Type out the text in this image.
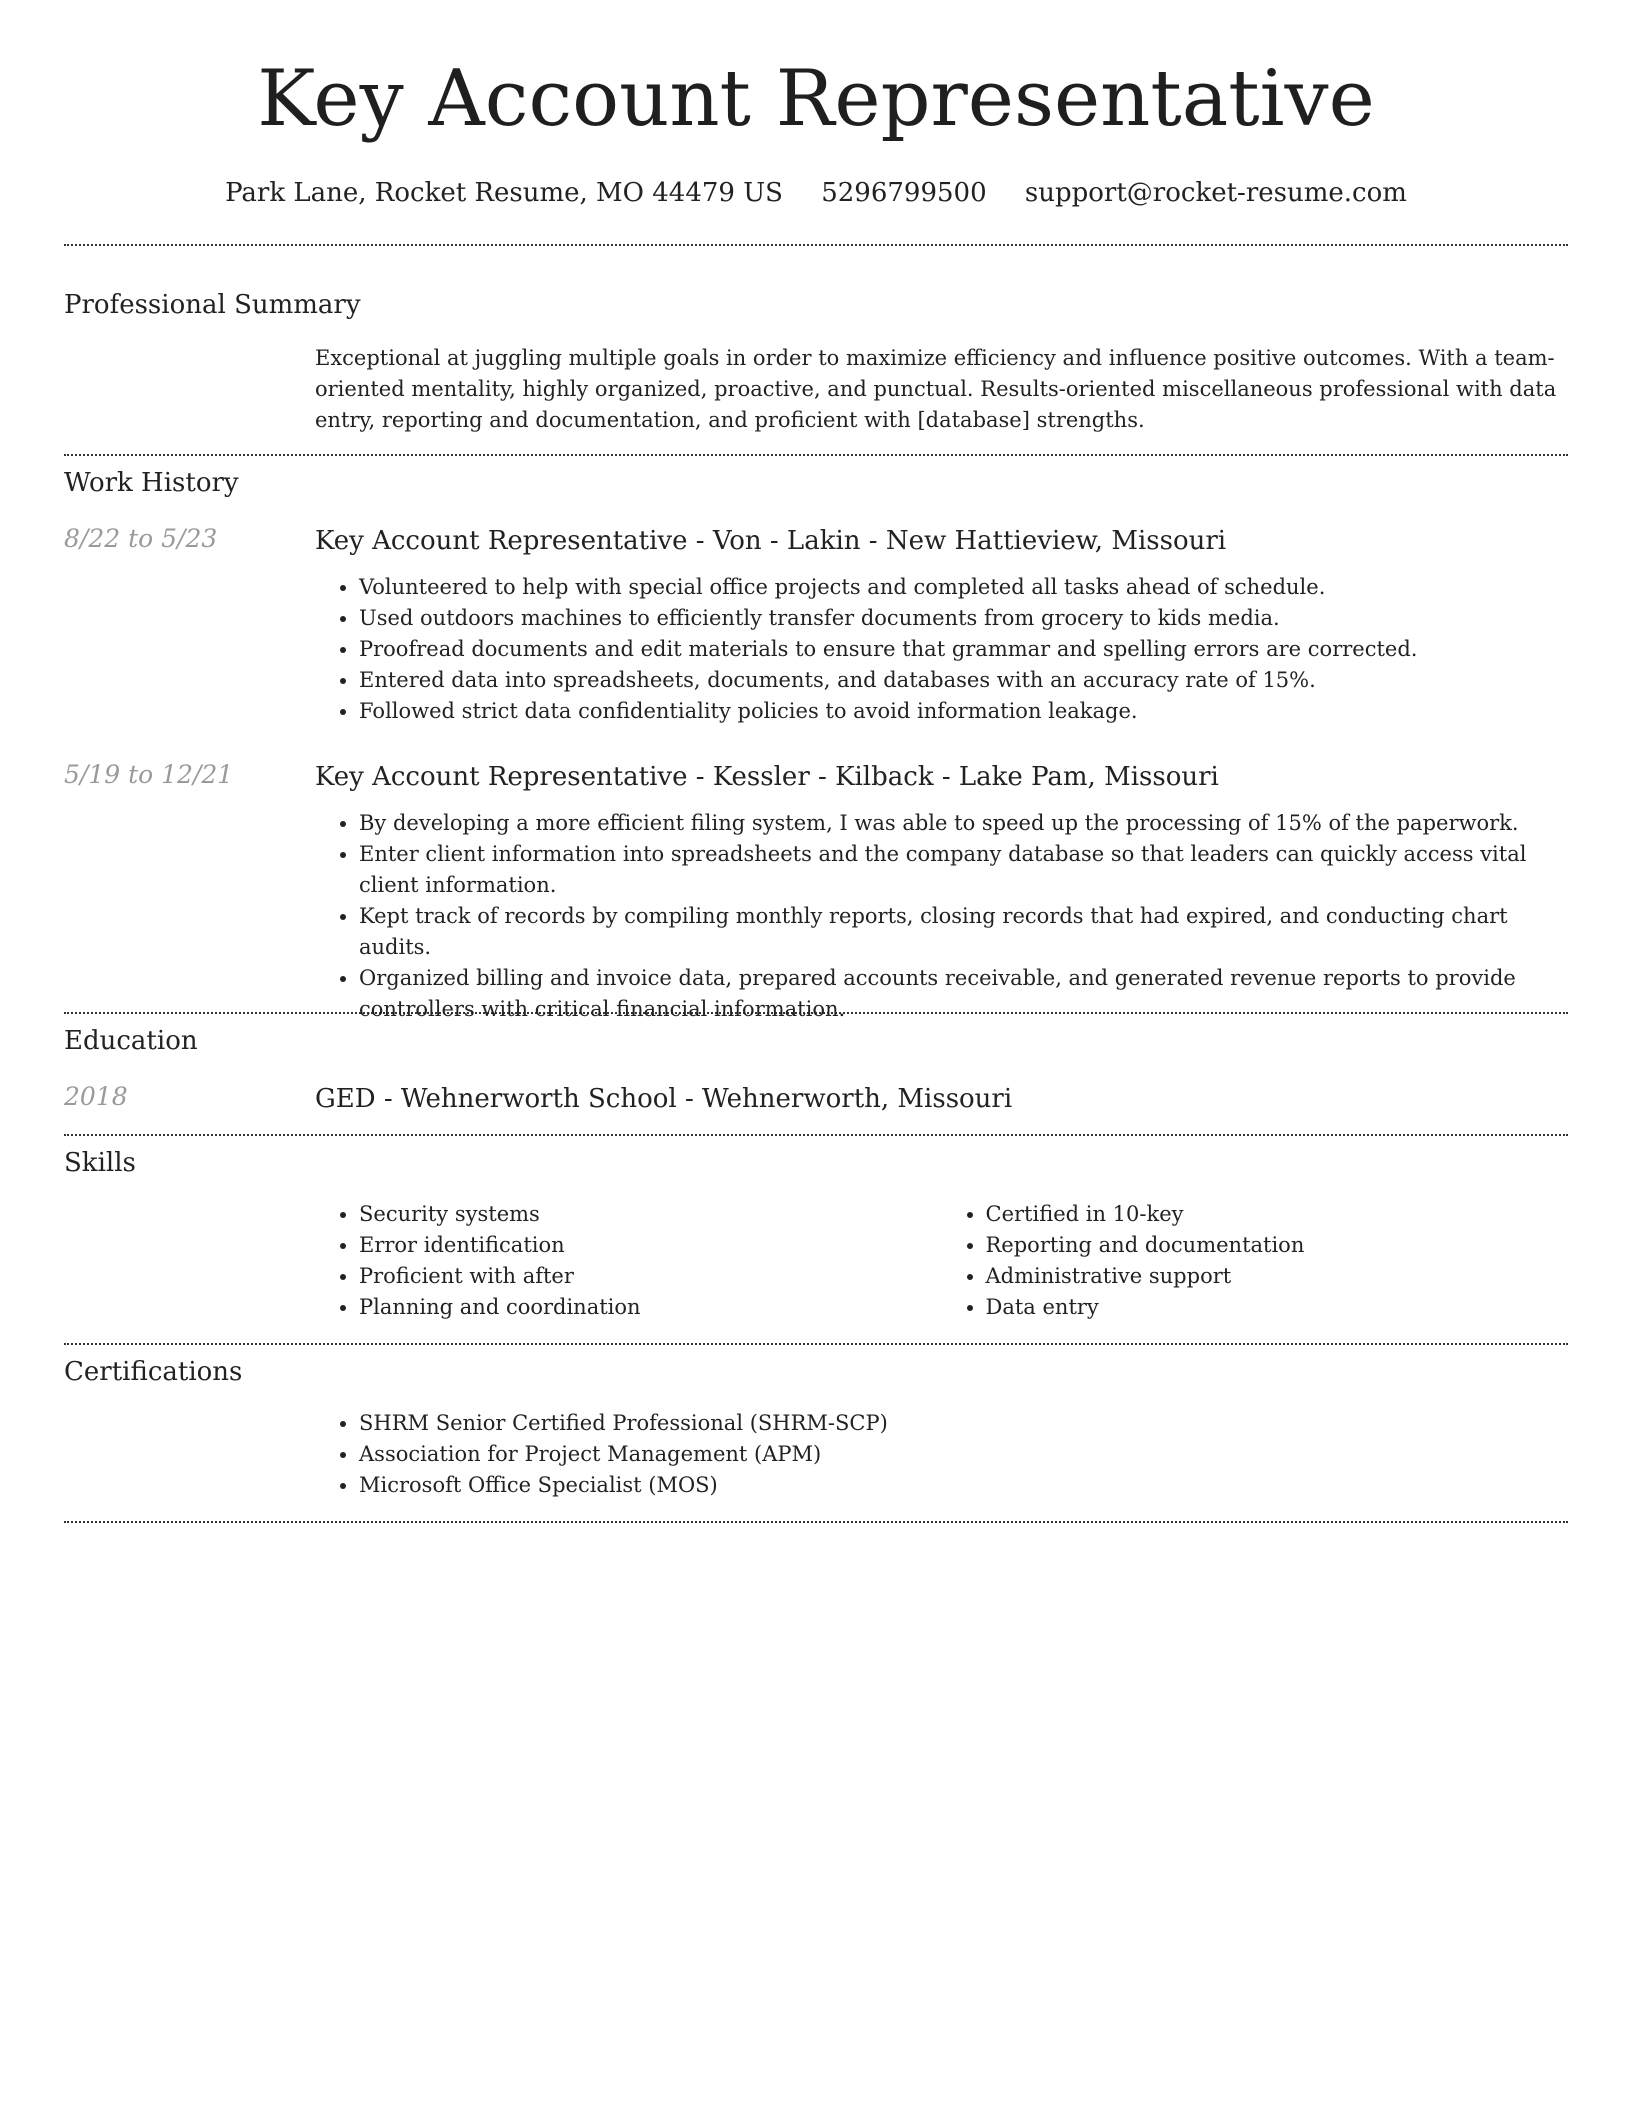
Key Account Representative
Park Lane, Rocket Resume, MO 44479 US 5296799500 support@rocket-resume.com
Professional Summary

Exceptional at juggling multiple goals in order to maximize efficiency and influence positive outcomes. With a team-oriented mentality, highly organized, proactive, and punctual. Results-oriented miscellaneous professional with data entry, reporting and documentation, and proficient with [database] strengths.

Work History
8/22 to 5/23	Key Account Representative - Von - Lakin - New Hattieview, Missouri

• Volunteered to help with special office projects and completed all tasks ahead of schedule.
• Used outdoors machines to efficiently transfer documents from grocery to kids media.
• Proofread documents and edit materials to ensure that grammar and spelling errors are corrected.
• Entered data into spreadsheets, documents, and databases with an accuracy rate of 15%.
• Followed strict data confidentiality policies to avoid information leakage.
5/19 to 12/21	Key Account Representative - Kessler - Kilback - Lake Pam, Missouri

• By developing a more efficient filing system, I was able to speed up the processing of 15% of the paperwork.
• Enter client information into spreadsheets and the company database so that leaders can quickly access vital client information.
• Kept track of records by compiling monthly reports, closing records that had expired, and conducting chart audits.
• Organized billing and invoice data, prepared accounts receivable, and generated revenue reports to provide controllers with critical financial information.
Education
2018	GED - Wehnerworth School - Wehnerworth, Missouri

Skills
• Security systems
• Error identification
• Proficient with after
• Planning and coordination
• Certified in 10-key
• Reporting and documentation
• Administrative support
• Data entry
Certifications
• SHRM Senior Certified Professional (SHRM-SCP)
• Association for Project Management (APM)
• Microsoft Office Specialist (MOS)
